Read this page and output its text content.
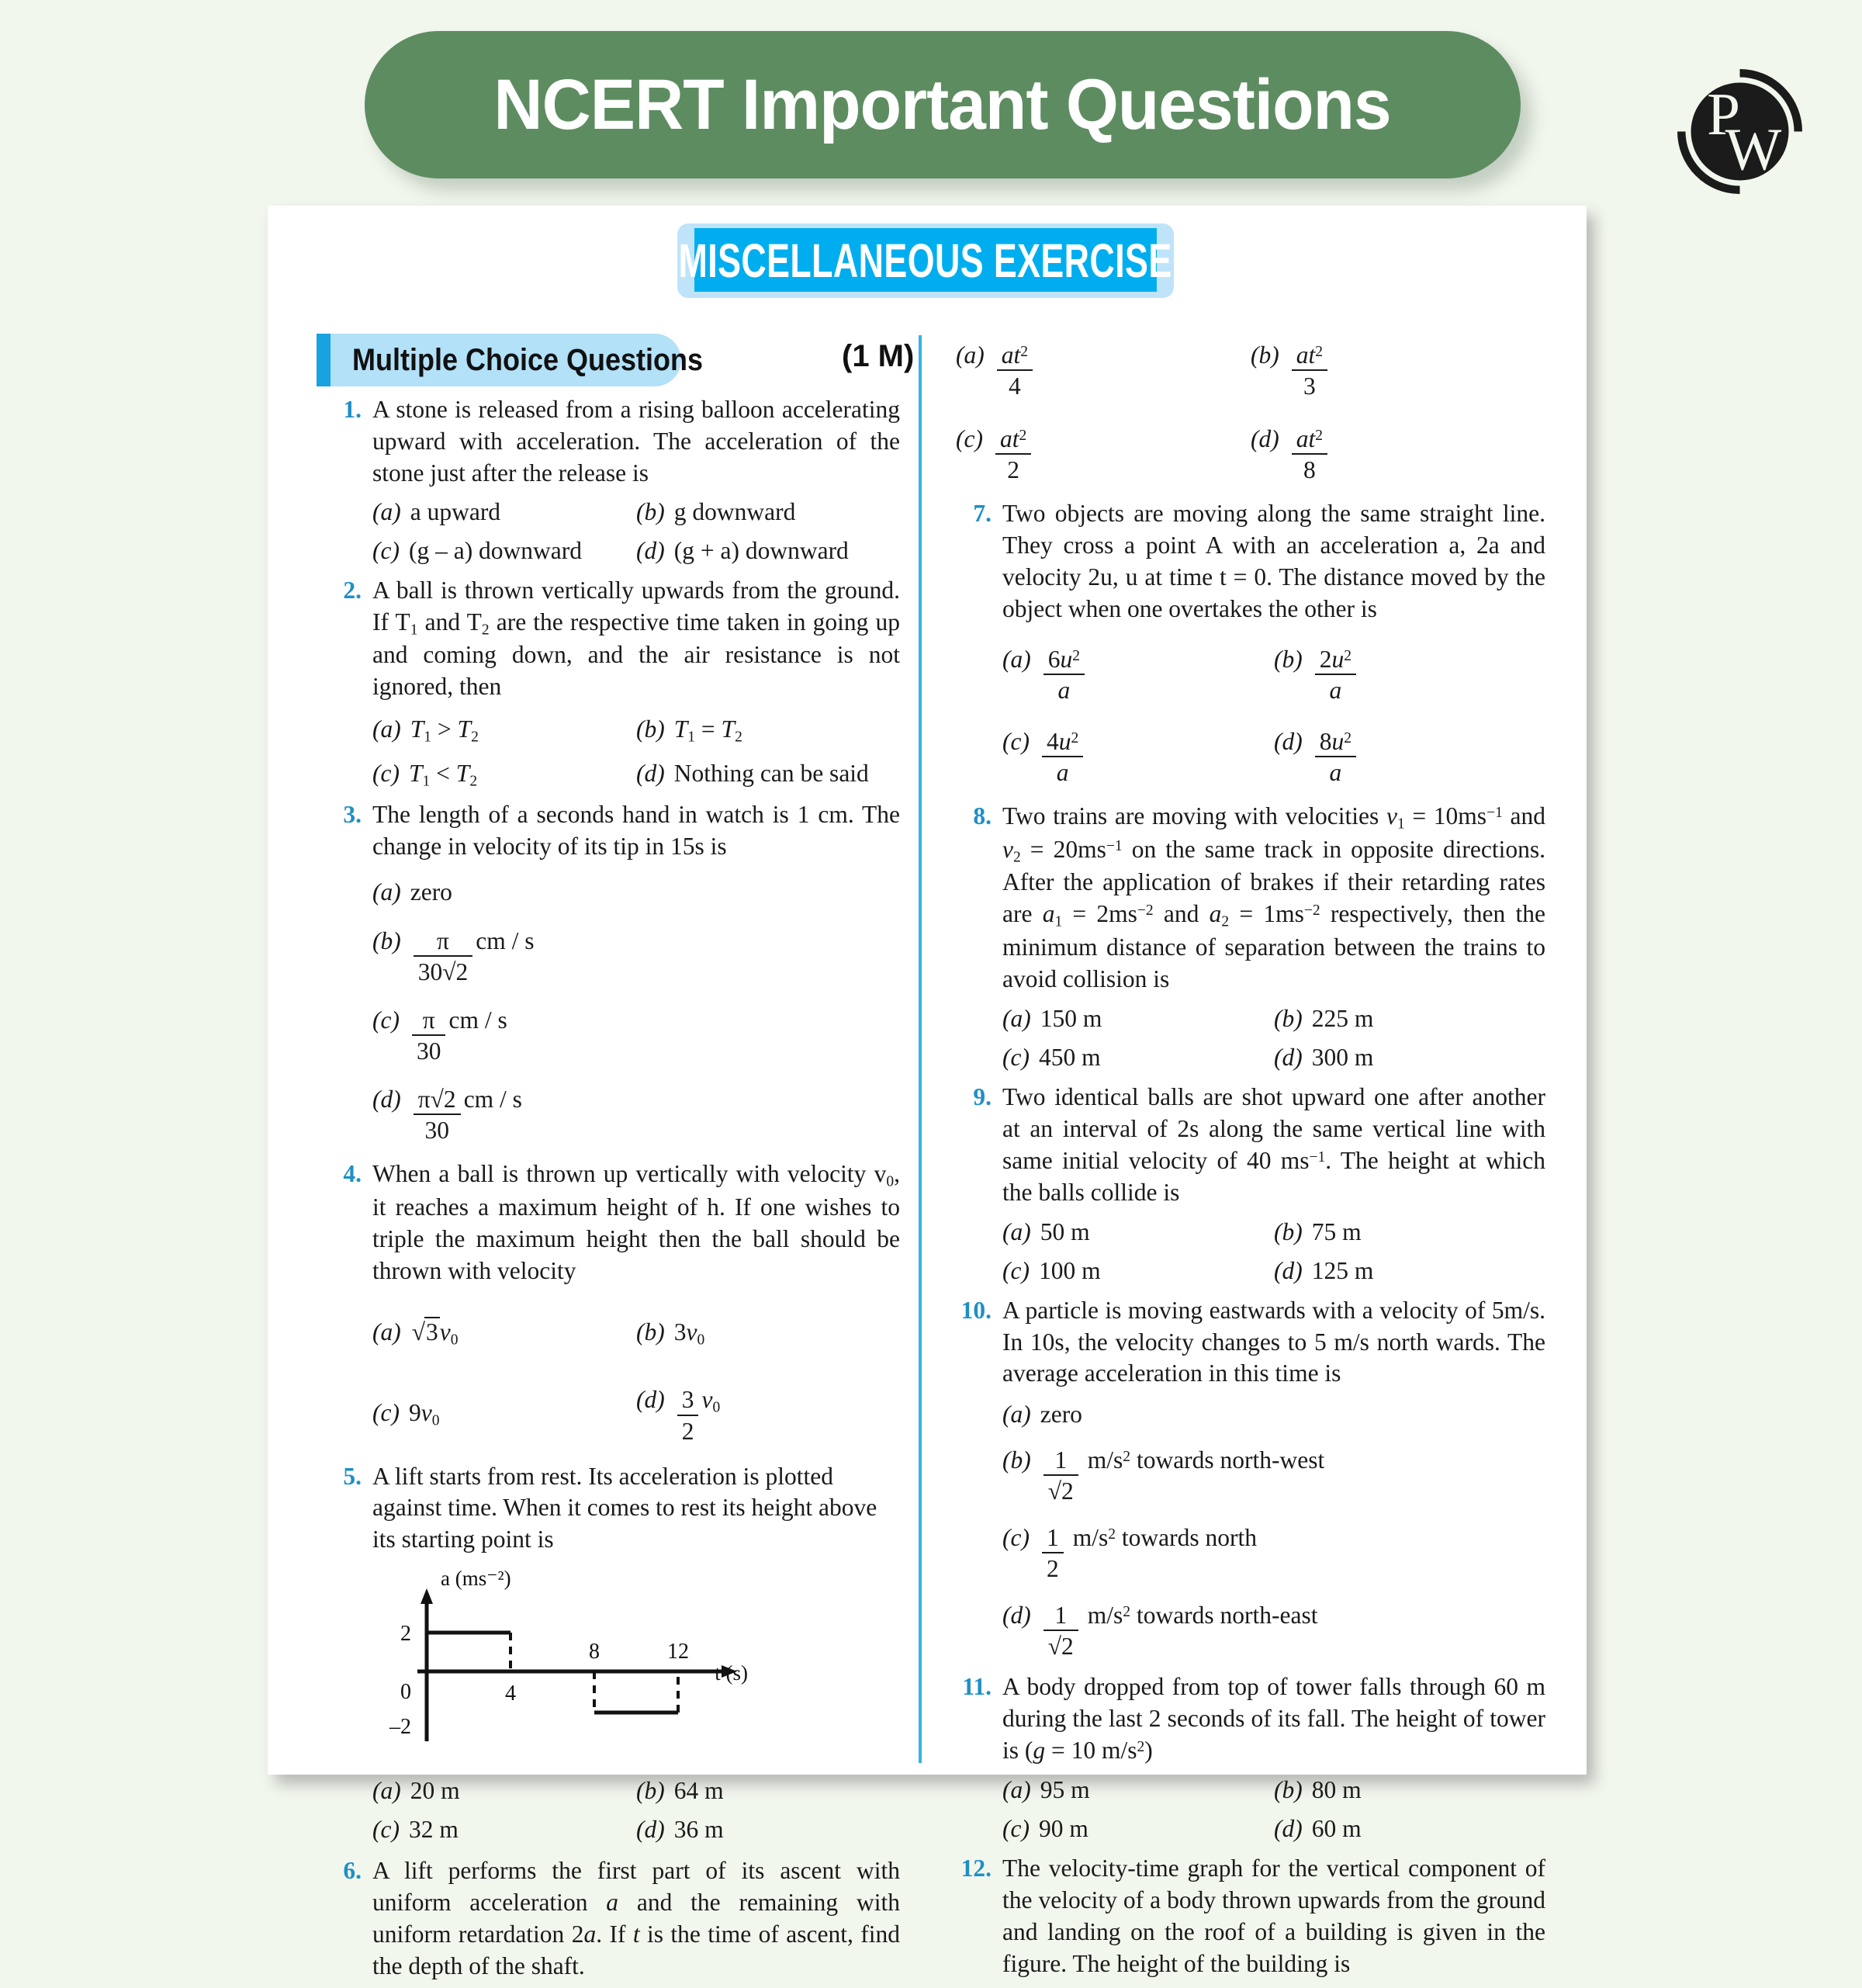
NCERT Important Questions	P
W
MISCELLANEOUS EXERCISE
Multiple Choice Questions	(1 M)
1. A stone is released from a rising balloon accelerating upward with acceleration. The acceleration of the stone just after the release is
(a) a upward	(b) g downward
(c) (g – a) downward	(d) (g + a) downward
2. A ball is thrown vertically upwards from the ground. If $T_1$ and $T_2$ are the respective time taken in going up and coming down, and the air resistance is not ignored, then
(a) $T_1 > T_2$	(b) $T_1 = T_2$
(c) $T_1 < T_2$	(d) Nothing can be said
3. The length of a seconds hand in watch is 1 cm. The change in velocity of its tip in 15s is
(a) zero
$(b) \frac{\pi}{30√2}$ cm / s
$(c) \frac{\pi}{30}$ cm / s
$(d) \frac{\pi√2}{30}$ cm / s
4. When a ball is thrown up vertically with velocity $v_0$, it reaches a maximum height of h. If one wishes to triple the maximum height then the ball should be thrown with velocity
(a) $√3v_0$	(b) $3v_0$
(c) $9v_0$
$(d) \frac{3}{2} v_0$
5. A lift starts from rest. Its acceleration is plotted against time. When it comes to rest its height above its starting point is
a (ms⁻²)
t (s)
2
0
–2
4
8	12
(a) 20 m	(b) 64 m
(c) 32 m	(d) 36 m
6. A lift performs the first part of its ascent with uniform acceleration a and the remaining with uniform retardation 2a. If t is the time of ascent, find the depth of the shaft.
$(a) \frac{at^2}{4}$	$(b) \frac{at^2}{3}$
$(c) \frac{at^2}{2}$	$(d) \frac{at^2}{8}$
7. Two objects are moving along the same straight line. They cross a point A with an acceleration a, 2a and velocity 2u, u at time t = 0. The distance moved by the object when one overtakes the other is
$(a) \frac{6u^2}{a}$	$(b) \frac{2u^2}{a}$
$(c) \frac{4u^2}{a}$	$(d) \frac{8u^2}{a}$
8. Two trains are moving with velocities $v_1 = 10ms^{-1}$ and $v_2 = 20ms^{-1}$ on the same track in opposite directions. After the application of brakes if their retarding rates are $a_1 = 2ms^{-2}$ and $a_2 = 1ms^{-2}$ respectively, then the minimum distance of separation between the trains to avoid collision is
(a) 150 m	(b) 225 m
(c) 450 m	(d) 300 m
9. Two identical balls are shot upward one after another at an interval of 2s along the same vertical line with same initial velocity of 40 $ms^{-1}$. The height at which the balls collide is
(a) 50 m	(b) 75 m
(c) 100 m	(d) 125 m
10. A particle is moving eastwards with a velocity of 5m/s. In 10s, the velocity changes to 5 m/s north wards. The average acceleration in this time is
(a) zero
$(b) \frac{1}{√2} m/s^2$ towards north-west
$(c) \frac{1}{2} m/s^2$ towards north
$(d) \frac{1}{√2} m/s^2$ towards north-east
11. A body dropped from top of tower falls through 60 m during the last 2 seconds of its fall. The height of tower is (g = 10 $m/s^2$)
(a) 95 m	(b) 80 m
(c) 90 m	(d) 60 m
12. The velocity-time graph for the vertical component of the velocity of a body thrown upwards from the ground and landing on the roof of a building is given in the figure. The height of the building is
